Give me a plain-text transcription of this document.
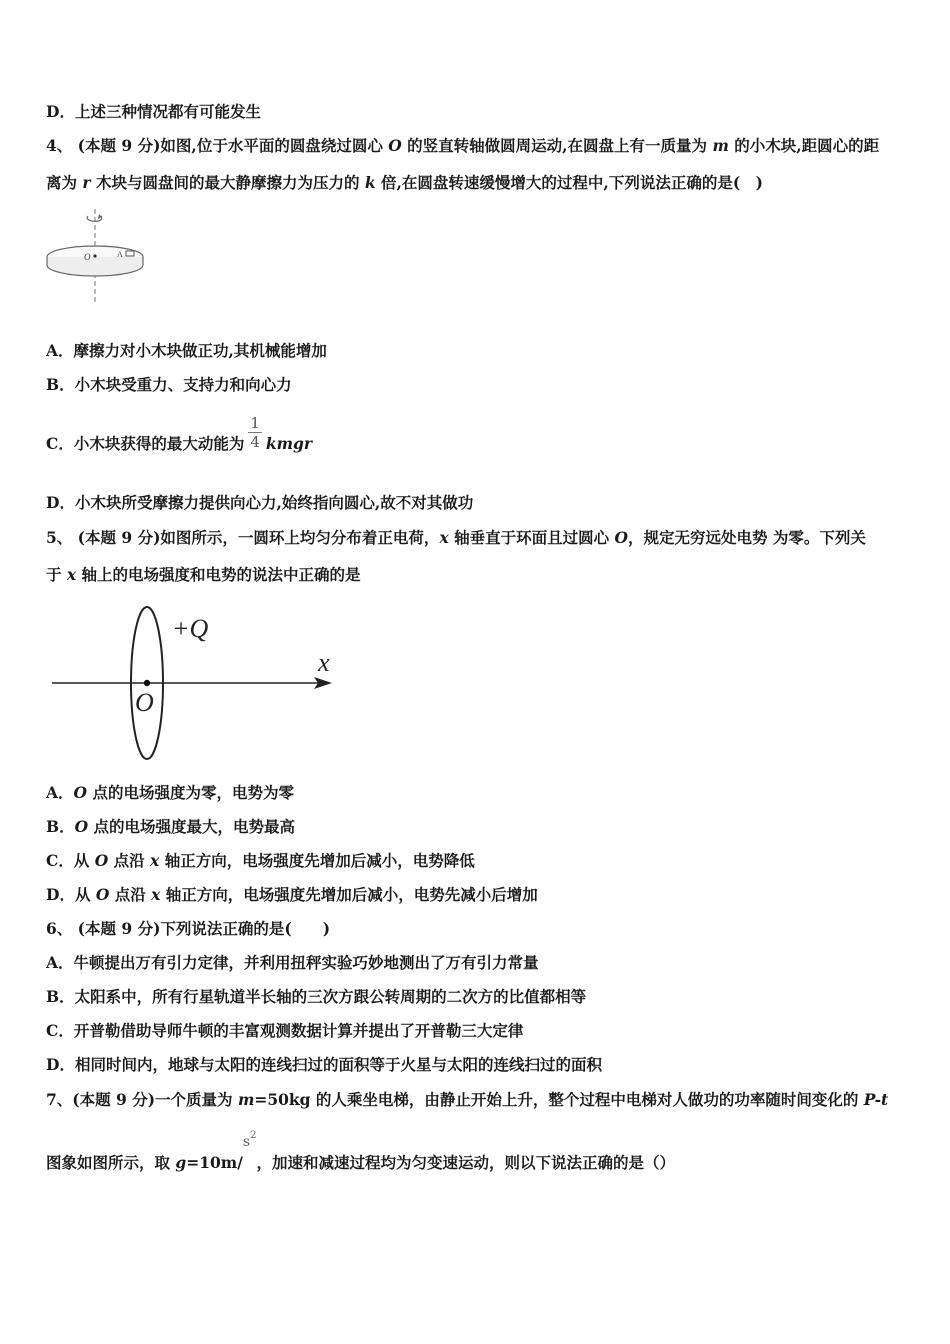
D．上述三种情况都有可能发生
4、 (本题 9 分)如图,位于水平面的圆盘绕过圆心 O 的竖直转轴做圆周运动,在圆盘上有一质量为 m 的小木块,距圆心的距
离为 r 木块与圆盘间的最大静摩擦力为压力的 k 倍,在圆盘转速缓慢增大的过程中,下列说法正确的是(　)
O	A
A．摩擦力对小木块做正功,其机械能增加
B．小木块受重力、支持力和向心力
C．小木块获得的最大动能为 $\frac{1}{4}$ kmgr
D．小木块所受摩擦力提供向心力,始终指向圆心,故不对其做功
5、 (本题 9 分)如图所示，一圆环上均匀分布着正电荷，x 轴垂直于环面且过圆心 O，规定无穷远处电势 为零。下列关
于 x 轴上的电场强度和电势的说法中正确的是
+Q
x
O
A．O 点的电场强度为零，电势为零
B．O 点的电场强度最大，电势最高
C．从 O 点沿 x 轴正方向，电场强度先增加后减小，电势降低
D．从 O 点沿 x 轴正方向，电场强度先增加后减小，电势先减小后增加
6、 (本题 9 分)下列说法正确的是(　　)
A．牛顿提出万有引力定律，并利用扭秤实验巧妙地测出了万有引力常量
B．太阳系中，所有行星轨道半长轴的三次方跟公转周期的二次方的比值都相等
C．开普勒借助导师牛顿的丰富观测数据计算并提出了开普勒三大定律
D．相同时间内，地球与太阳的连线扫过的面积等于火星与太阳的连线扫过的面积
7、(本题 9 分)一个质量为 m=50kg 的人乘坐电梯，由静止开始上升，整个过程中电梯对人做功的功率随时间变化的 P-t
图象如图所示，取 $g=10m/s^2$，加速和减速过程均为匀变速运动，则以下说法正确的是（）
